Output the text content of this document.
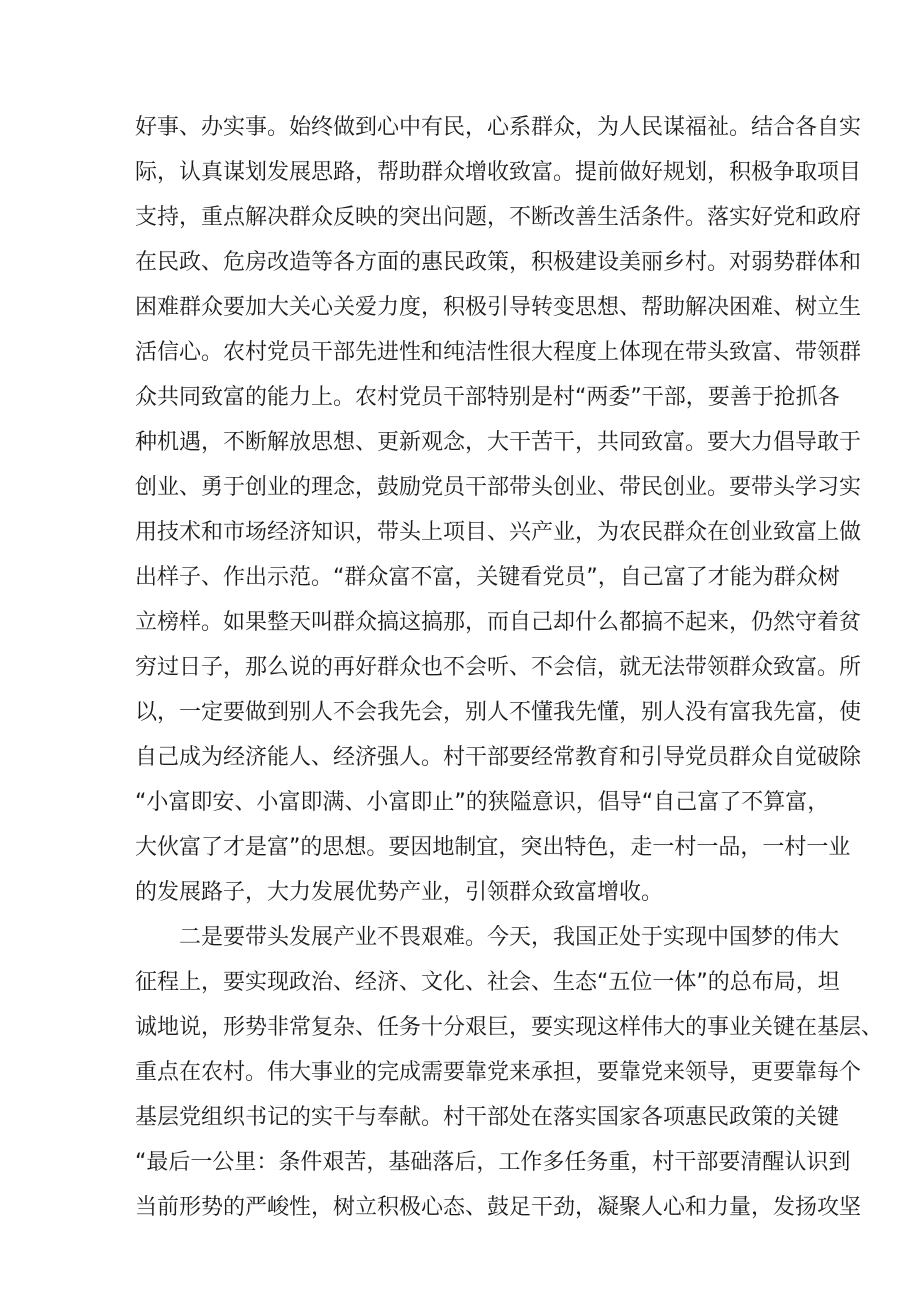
好事、办实事。始终做到心中有民，心系群众，为人民谋福祉。结合各自实
际，认真谋划发展思路，帮助群众增收致富。提前做好规划，积极争取项目
支持，重点解决群众反映的突出问题，不断改善生活条件。落实好党和政府
在民政、危房改造等各方面的惠民政策，积极建设美丽乡村。对弱势群体和
困难群众要加大关心关爱力度，积极引导转变思想、帮助解决困难、树立生
活信心。农村党员干部先进性和纯洁性很大程度上体现在带头致富、带领群
众共同致富的能力上。农村党员干部特别是村“两委”干部，要善于抢抓各
种机遇，不断解放思想、更新观念，大干苦干，共同致富。要大力倡导敢于
创业、勇于创业的理念，鼓励党员干部带头创业、带民创业。要带头学习实
用技术和市场经济知识，带头上项目、兴产业，为农民群众在创业致富上做
出样子、作出示范。“群众富不富，关键看党员”，自己富了才能为群众树
立榜样。如果整天叫群众搞这搞那，而自己却什么都搞不起来，仍然守着贫
穷过日子，那么说的再好群众也不会听、不会信，就无法带领群众致富。所
以，一定要做到别人不会我先会，别人不懂我先懂，别人没有富我先富，使
自己成为经济能人、经济强人。村干部要经常教育和引导党员群众自觉破除
“小富即安、小富即满、小富即止”的狭隘意识，倡导“自己富了不算富，
大伙富了才是富”的思想。要因地制宜，突出特色，走一村一品，一村一业
的发展路子，大力发展优势产业，引领群众致富增收。
二是要带头发展产业不畏艰难。今天，我国正处于实现中国梦的伟大
征程上，要实现政治、经济、文化、社会、生态“五位一体”的总布局，坦
诚地说，形势非常复杂、任务十分艰巨，要实现这样伟大的事业关键在基层、
重点在农村。伟大事业的完成需要靠党来承担，要靠党来领导，更要靠每个
基层党组织书记的实干与奉献。村干部处在落实国家各项惠民政策的关键
“最后一公里：条件艰苦，基础落后，工作多任务重，村干部要清醒认识到
当前形势的严峻性，树立积极心态、鼓足干劲，凝聚人心和力量，发扬攻坚
